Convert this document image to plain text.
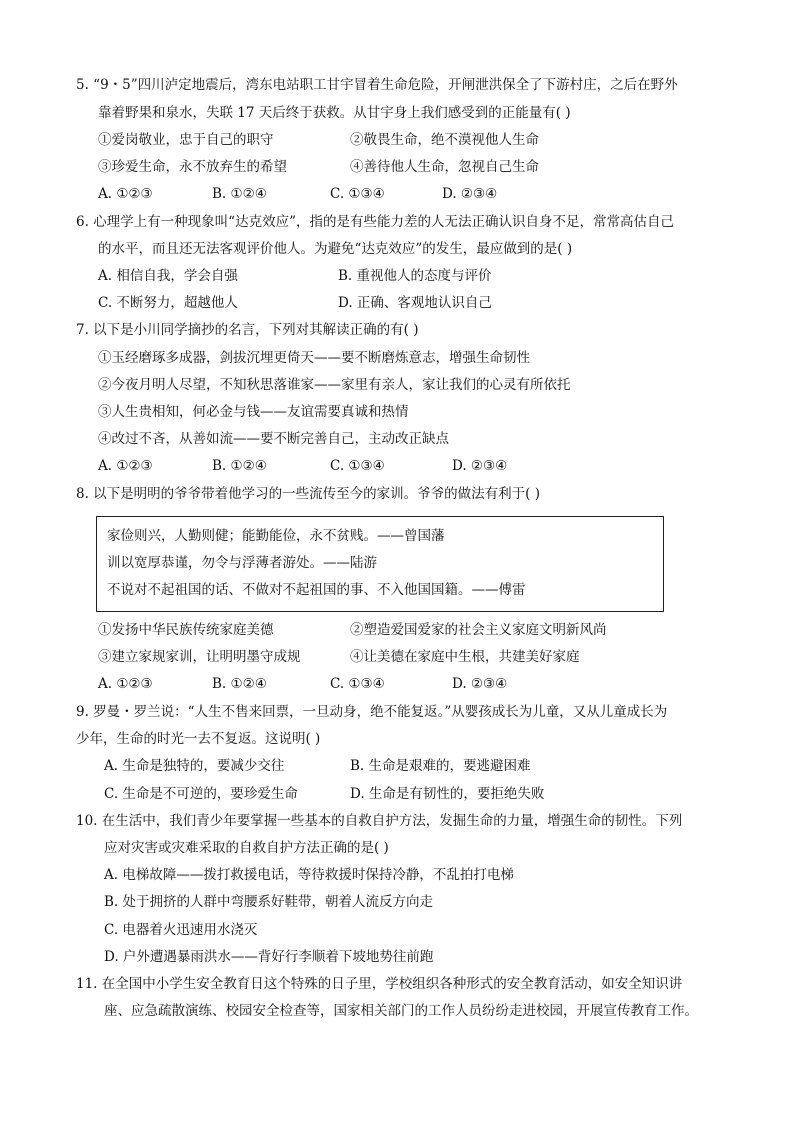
5. “9・5”四川泸定地震后，湾东电站职工甘宇冒着生命危险，开闸泄洪保全了下游村庄，之后在野外
靠着野果和泉水，失联 17 天后终于获救。从甘宇身上我们感受到的正能量有( )
①爱岗敬业，忠于自己的职守	②敬畏生命，绝不漠视他人生命
③珍爱生命，永不放弃生的希望	④善待他人生命，忽视自己生命
A. ①②③	B. ①②④	C. ①③④	D. ②③④
6. 心理学上有一种现象叫“达克效应”，指的是有些能力差的人无法正确认识自身不足，常常高估自己
的水平，而且还无法客观评价他人。为避免“达克效应”的发生，最应做到的是( )
A. 相信自我，学会自强	B. 重视他人的态度与评价
C. 不断努力，超越他人	D. 正确、客观地认识自己
7. 以下是小川同学摘抄的名言，下列对其解读正确的有( )
①玉经磨琢多成器，剑拔沉埋更倚天——要不断磨炼意志，增强生命韧性
②今夜月明人尽望，不知秋思落谁家——家里有亲人，家让我们的心灵有所依托
③人生贵相知，何必金与钱——友谊需要真诚和热情
④改过不吝，从善如流——要不断完善自己，主动改正缺点
A. ①②③	B. ①②④	C. ①③④	D. ②③④
8. 以下是明明的爷爷带着他学习的一些流传至今的家训。爷爷的做法有利于( )
家俭则兴，人勤则健；能勤能俭，永不贫贱。——曾国藩
训以宽厚恭谨，勿令与浮薄者游处。——陆游
不说对不起祖国的话、不做对不起祖国的事、不入他国国籍。——傅雷
①发扬中华民族传统家庭美德	②塑造爱国爱家的社会主义家庭文明新风尚
③建立家规家训，让明明墨守成规	④让美德在家庭中生根，共建美好家庭
A. ①②③	B. ①②④	C. ①③④	D. ②③④
9. 罗曼・罗兰说：“人生不售来回票，一旦动身，绝不能复返。”从婴孩成长为儿童，又从儿童成长为
少年，生命的时光一去不复返。这说明( )
A. 生命是独特的，要减少交往	B. 生命是艰难的，要逃避困难
C. 生命是不可逆的，要珍爱生命	D. 生命是有韧性的，要拒绝失败
10. 在生活中，我们青少年要掌握一些基本的自救自护方法，发掘生命的力量，增强生命的韧性。下列
应对灾害或灾难采取的自救自护方法正确的是( )
A. 电梯故障——拨打救援电话，等待救援时保持冷静，不乱拍打电梯
B. 处于拥挤的人群中弯腰系好鞋带，朝着人流反方向走
C. 电器着火迅速用水浇灭
D. 户外遭遇暴雨洪水——背好行李顺着下坡地势往前跑
11. 在全国中小学生安全教育日这个特殊的日子里，学校组织各种形式的安全教育活动，如安全知识讲
座、应急疏散演练、校园安全检查等，国家相关部门的工作人员纷纷走进校园，开展宣传教育工作。
